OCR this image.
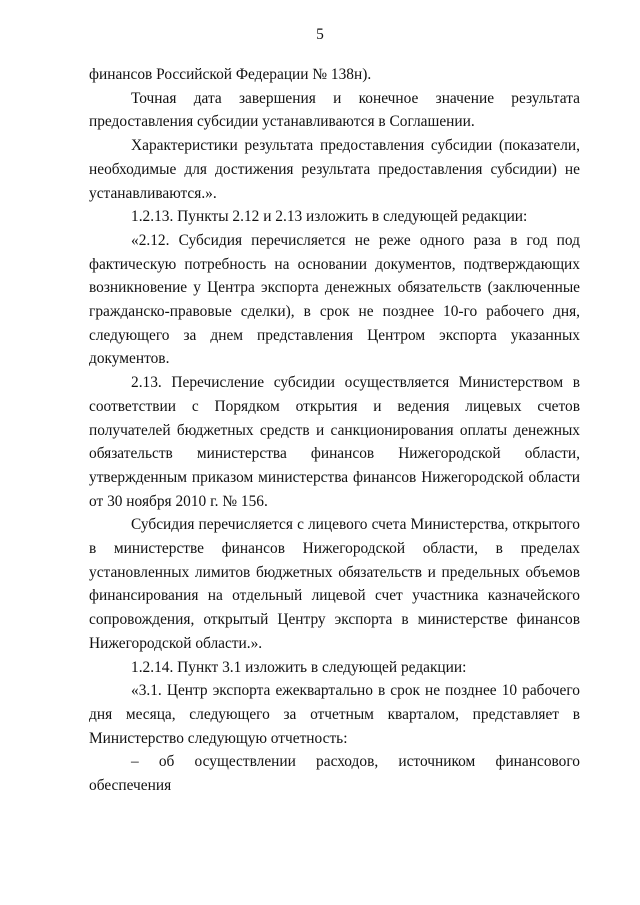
5

финансов Российской Федерации № 138н).

Точная дата завершения и конечное значение результата предоставления субсидии устанавливаются в Соглашении.

Характеристики результата предоставления субсидии (показатели, необходимые для достижения результата предоставления субсидии) не устанавливаются.».

1.2.13. Пункты 2.12 и 2.13 изложить в следующей редакции:

«2.12. Субсидия перечисляется не реже одного раза в год под фактическую потребность на основании документов, подтверждающих возникновение у Центра экспорта денежных обязательств (заключенные гражданско-правовые сделки), в срок не позднее 10-го рабочего дня, следующего за днем представления Центром экспорта указанных документов.

2.13. Перечисление субсидии осуществляется Министерством в соответствии с Порядком открытия и ведения лицевых счетов получателей бюджетных средств и санкционирования оплаты денежных обязательств министерства финансов Нижегородской области, утвержденным приказом министерства финансов Нижегородской области от 30 ноября 2010 г. № 156.

Субсидия перечисляется с лицевого счета Министерства, открытого в министерстве финансов Нижегородской области, в пределах установленных лимитов бюджетных обязательств и предельных объемов финансирования на отдельный лицевой счет участника казначейского сопровождения, открытый Центру экспорта в министерстве финансов Нижегородской области.».

1.2.14. Пункт 3.1 изложить в следующей редакции:

«3.1. Центр экспорта ежеквартально в срок не позднее 10 рабочего дня месяца, следующего за отчетным кварталом, представляет в Министерство следующую отчетность:

– об осуществлении расходов, источником финансового обеспечения
